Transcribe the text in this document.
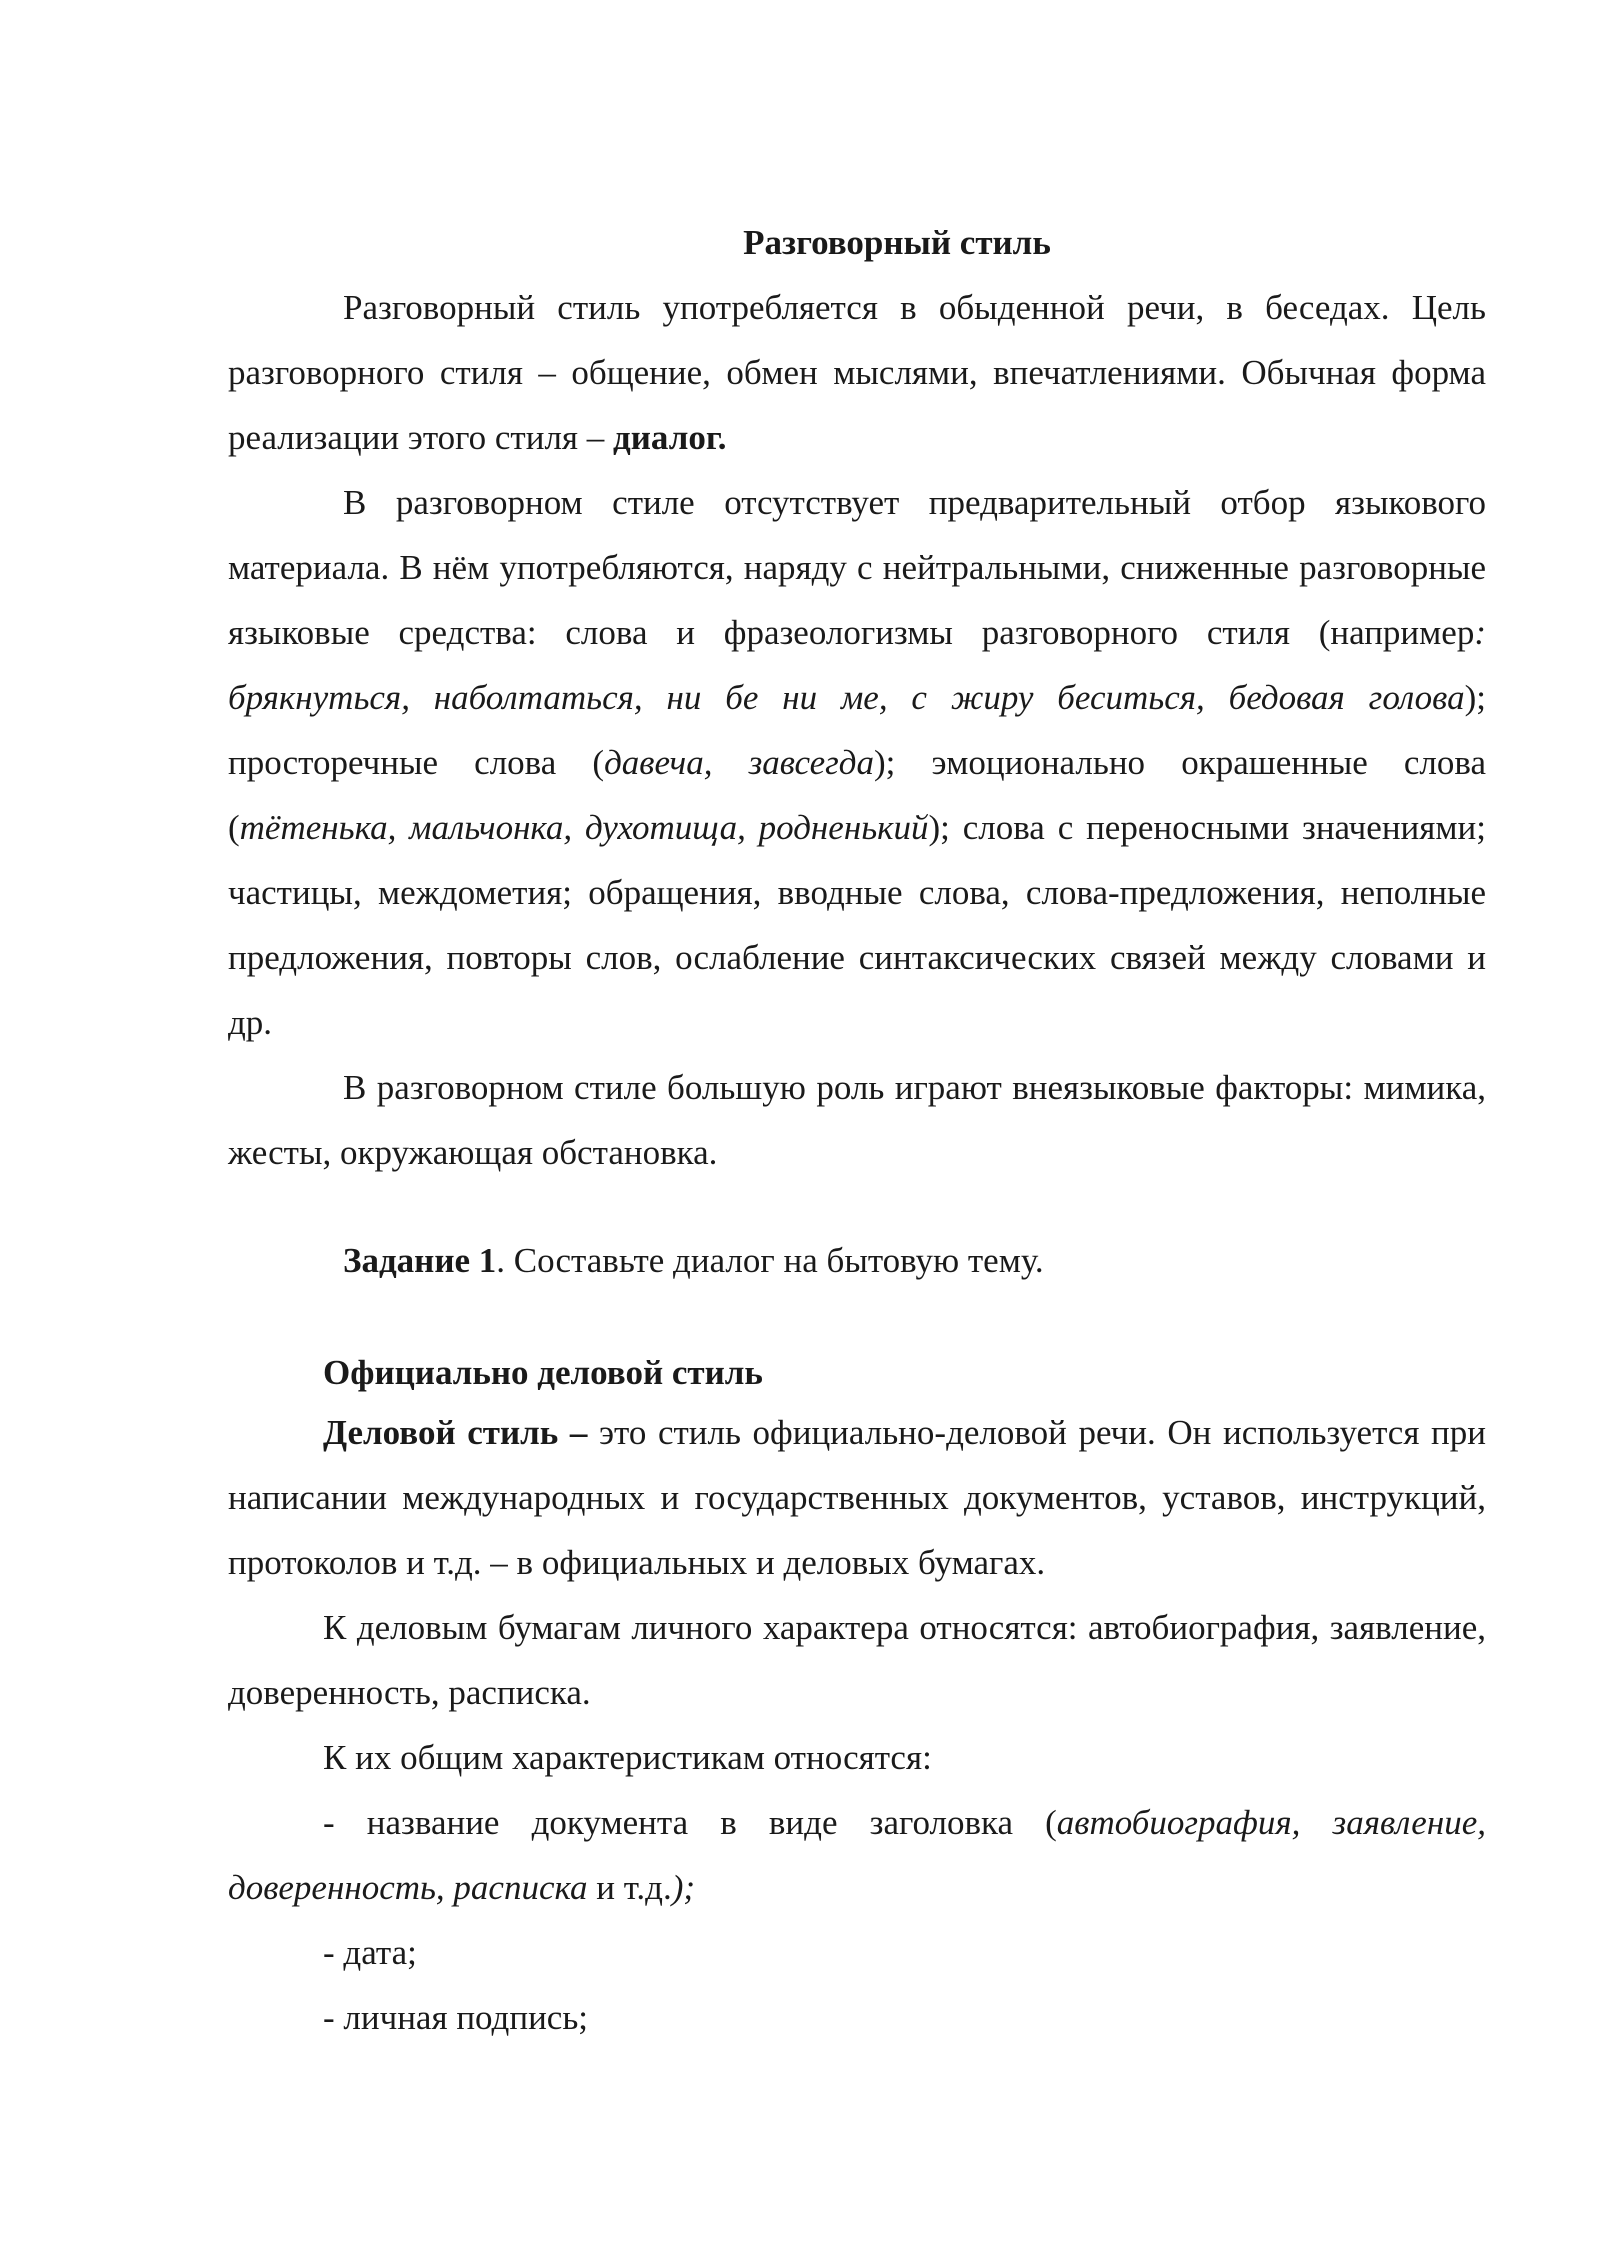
Разговорный стиль

Разговорный стиль употребляется в обыденной речи, в беседах. Цель разговорного стиля – общение, обмен мыслями, впечатлениями. Обычная форма реализации этого стиля – диалог.

В разговорном стиле отсутствует предварительный отбор языкового материала. В нём употребляются, наряду с нейтральными, сниженные разговорные языковые средства: слова и фразеологизмы разговорного стиля (например: брякнуться, наболтаться, ни бе ни ме, с жиру беситься, бедовая голова); просторечные слова (давеча, завсегда); эмоционально окрашенные слова (тётенька, мальчонка, духотища, родненький); слова с переносными значениями; частицы, междометия; обращения, вводные слова, слова-предложения, неполные предложения, повторы слов, ослабление синтаксических связей между словами и др.

В разговорном стиле большую роль играют внеязыковые факторы: мимика, жесты, окружающая обстановка.

Задание 1. Составьте диалог на бытовую тему.

Официально деловой стиль

Деловой стиль – это стиль официально-деловой речи. Он используется при написании международных и государственных документов, уставов, инструкций, протоколов и т.д. – в официальных и деловых бумагах.

К деловым бумагам личного характера относятся: автобиография, заявление, доверенность, расписка.

К их общим характеристикам относятся:

- название документа в виде заголовка (автобиография, заявление, доверенность, расписка и т.д.);

- дата;

- личная подпись;
